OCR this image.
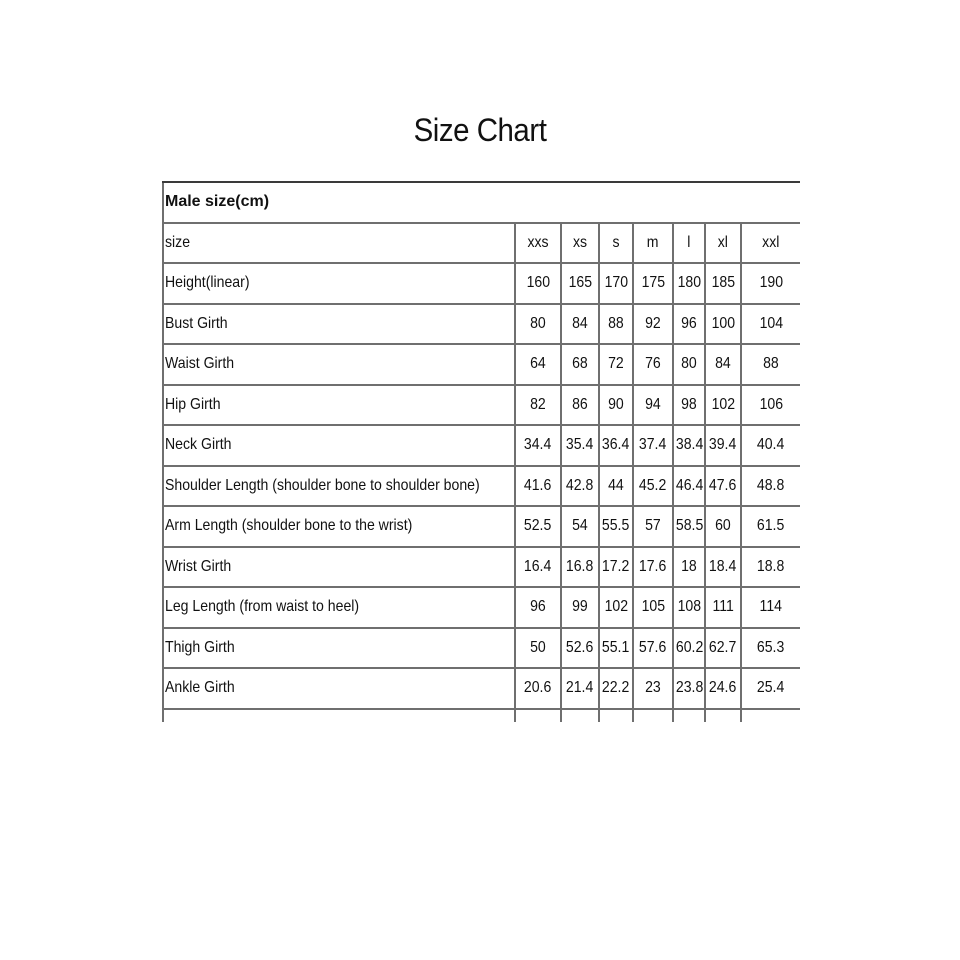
Size Chart
Male size(cm)							
size	xxs	xs	s	m	l	xl	xxl
Height(linear)	160	165	170	175	180	185	190
Bust Girth	80	84	88	92	96	100	104
Waist Girth	64	68	72	76	80	84	88
Hip Girth	82	86	90	94	98	102	106
Neck Girth	34.4	35.4	36.4	37.4	38.4	39.4	40.4
Shoulder Length (shoulder bone to shoulder bone)	41.6	42.8	44	45.2	46.4	47.6	48.8
Arm Length (shoulder bone to the wrist)	52.5	54	55.5	57	58.5	60	61.5
Wrist Girth	16.4	16.8	17.2	17.6	18	18.4	18.8
Leg Length (from waist to heel)	96	99	102	105	108	111	114
Thigh Girth	50	52.6	55.1	57.6	60.2	62.7	65.3
Ankle Girth	20.6	21.4	22.2	23	23.8	24.6	25.4
